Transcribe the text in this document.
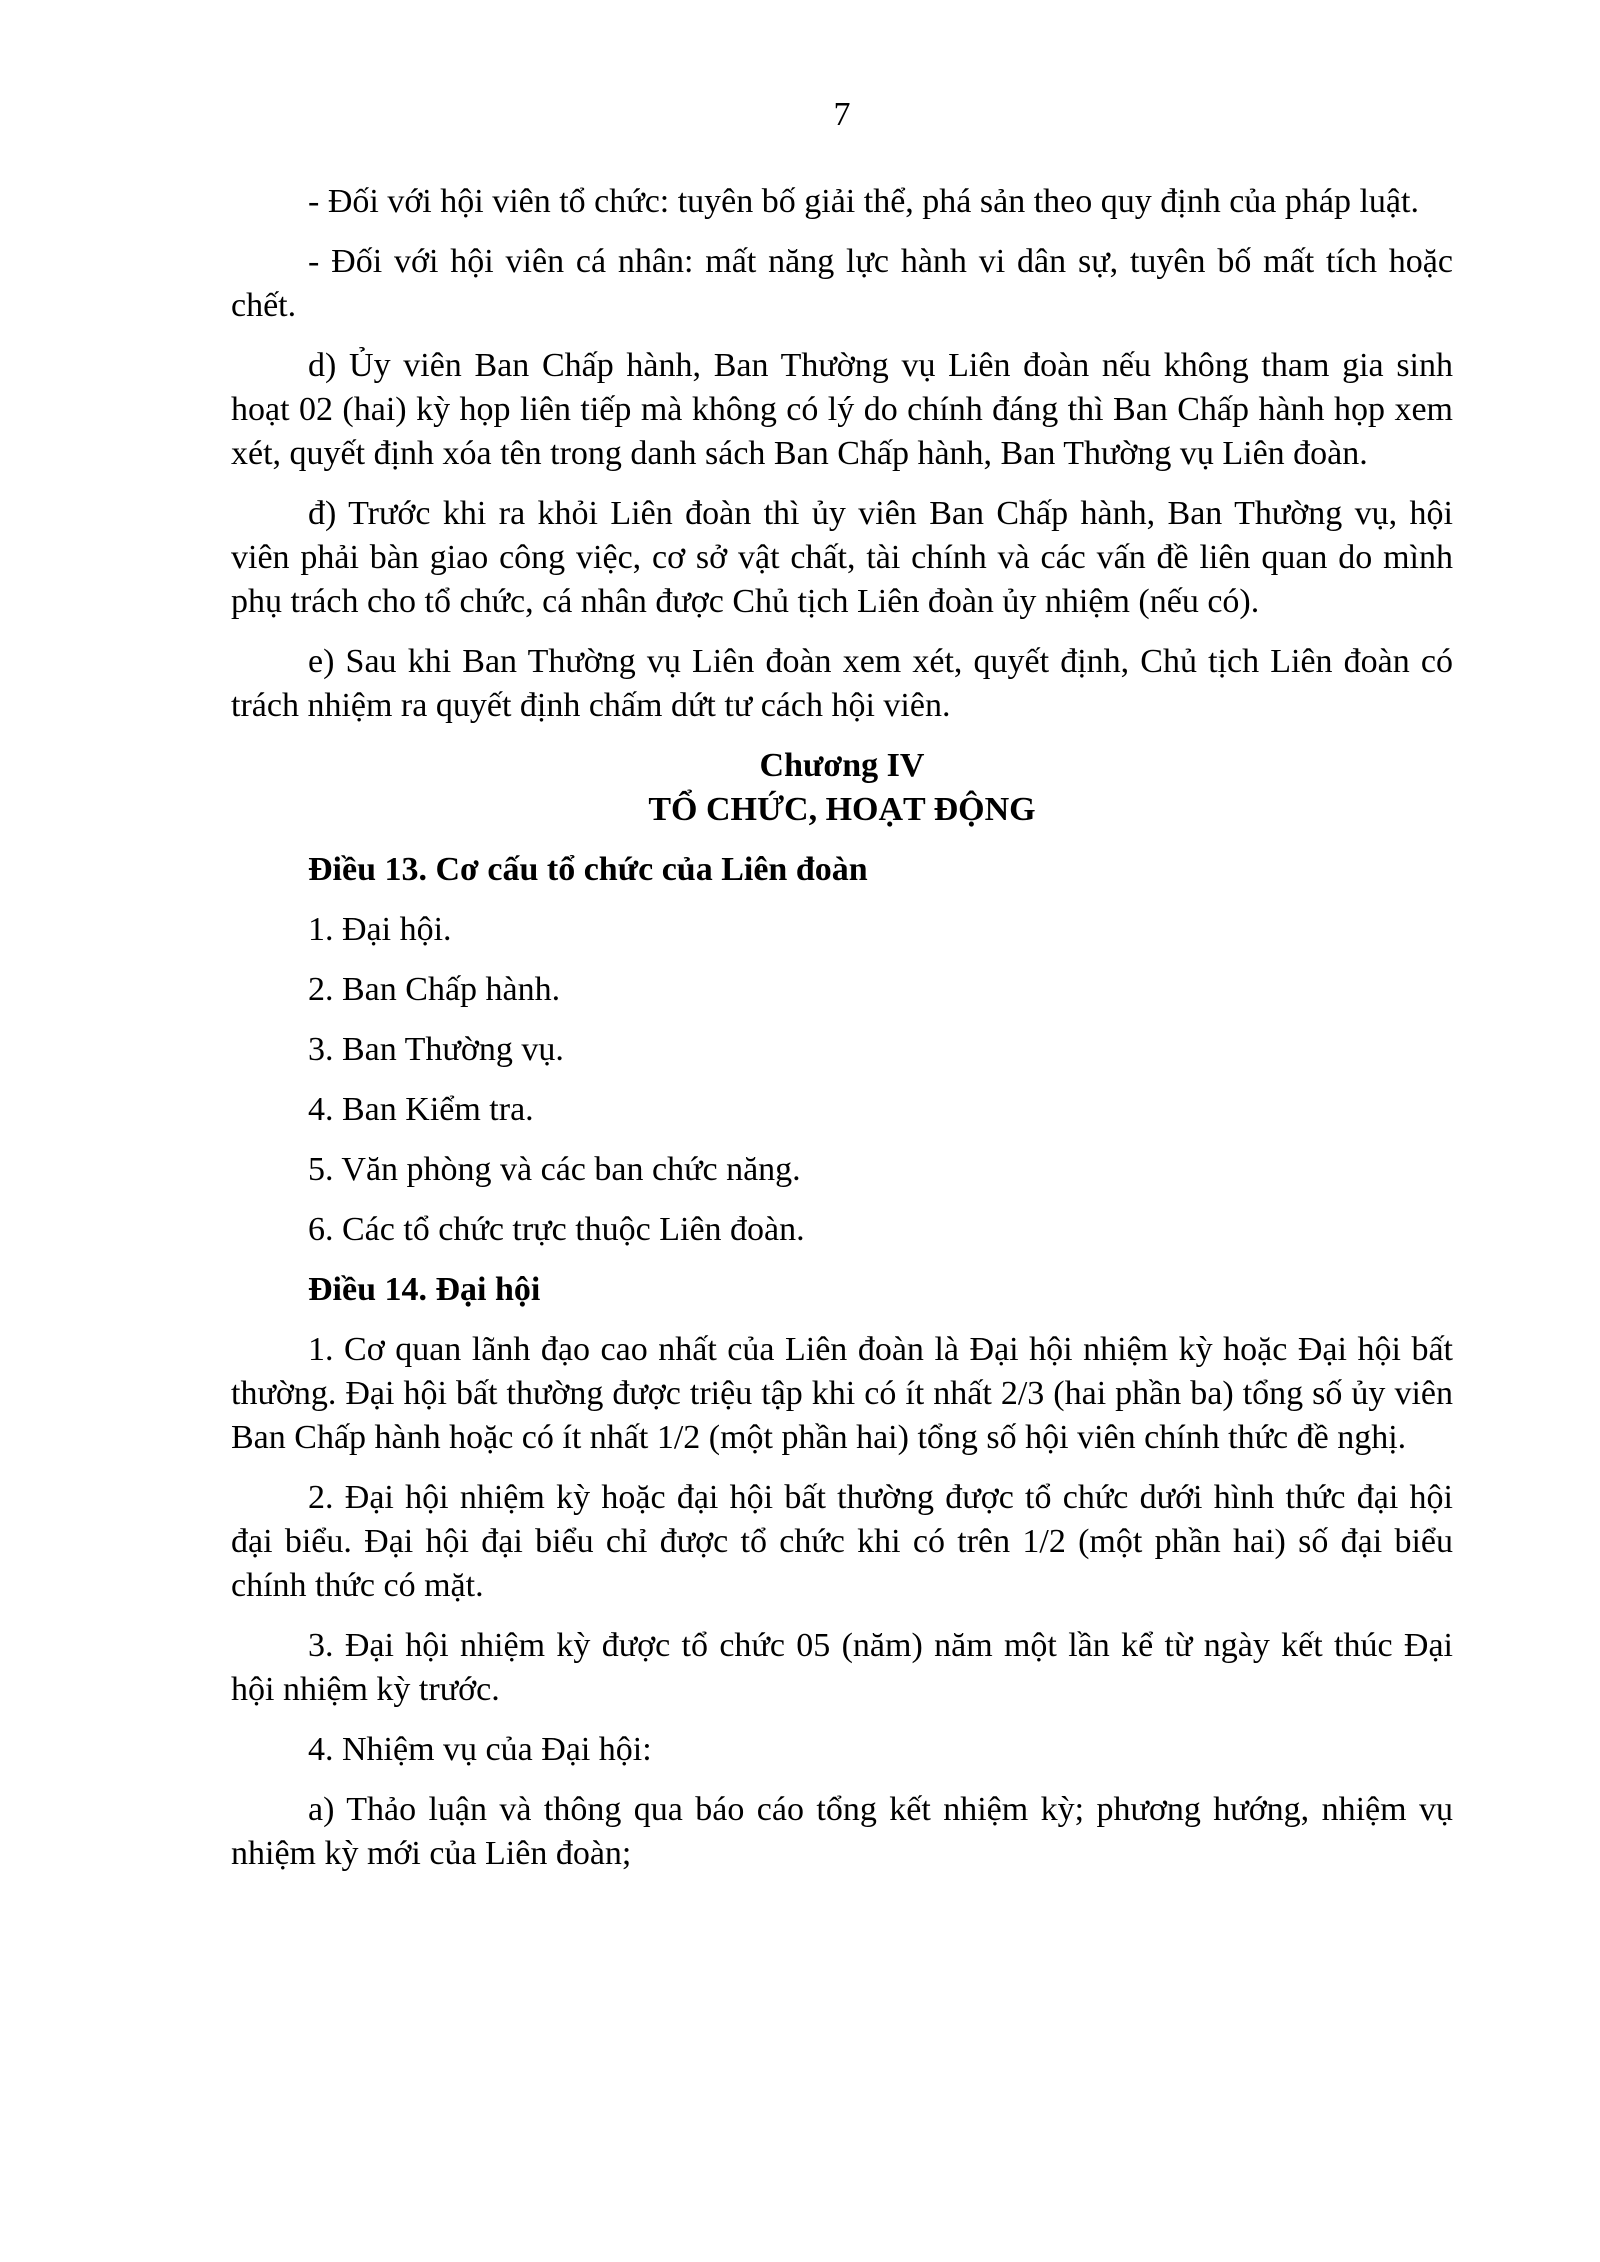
7

- Đối với hội viên tổ chức: tuyên bố giải thể, phá sản theo quy định của pháp luật.

- Đối với hội viên cá nhân: mất năng lực hành vi dân sự, tuyên bố mất tích hoặc chết.

d) Ủy viên Ban Chấp hành, Ban Thường vụ Liên đoàn nếu không tham gia sinh hoạt 02 (hai) kỳ họp liên tiếp mà không có lý do chính đáng thì Ban Chấp hành họp xem xét, quyết định xóa tên trong danh sách Ban Chấp hành, Ban Thường vụ Liên đoàn.

đ) Trước khi ra khỏi Liên đoàn thì ủy viên Ban Chấp hành, Ban Thường vụ, hội viên phải bàn giao công việc, cơ sở vật chất, tài chính và các vấn đề liên quan do mình phụ trách cho tổ chức, cá nhân được Chủ tịch Liên đoàn ủy nhiệm (nếu có).

e) Sau khi Ban Thường vụ Liên đoàn xem xét, quyết định, Chủ tịch Liên đoàn có trách nhiệm ra quyết định chấm dứt tư cách hội viên.

Chương IV

TỔ CHỨC, HOẠT ĐỘNG

Điều 13. Cơ cấu tổ chức của Liên đoàn

1. Đại hội.

2. Ban Chấp hành.

3. Ban Thường vụ.

4. Ban Kiểm tra.

5. Văn phòng và các ban chức năng.

6. Các tổ chức trực thuộc Liên đoàn.

Điều 14. Đại hội

1. Cơ quan lãnh đạo cao nhất của Liên đoàn là Đại hội nhiệm kỳ hoặc Đại hội bất thường. Đại hội bất thường được triệu tập khi có ít nhất 2/3 (hai phần ba) tổng số ủy viên Ban Chấp hành hoặc có ít nhất 1/2 (một phần hai) tổng số hội viên chính thức đề nghị.

2. Đại hội nhiệm kỳ hoặc đại hội bất thường được tổ chức dưới hình thức đại hội đại biểu. Đại hội đại biểu chỉ được tổ chức khi có trên 1/2 (một phần hai) số đại biểu chính thức có mặt.

3. Đại hội nhiệm kỳ được tổ chức 05 (năm) năm một lần kể từ ngày kết thúc Đại hội nhiệm kỳ trước.

4. Nhiệm vụ của Đại hội:

a) Thảo luận và thông qua báo cáo tổng kết nhiệm kỳ; phương hướng, nhiệm vụ nhiệm kỳ mới của Liên đoàn;
